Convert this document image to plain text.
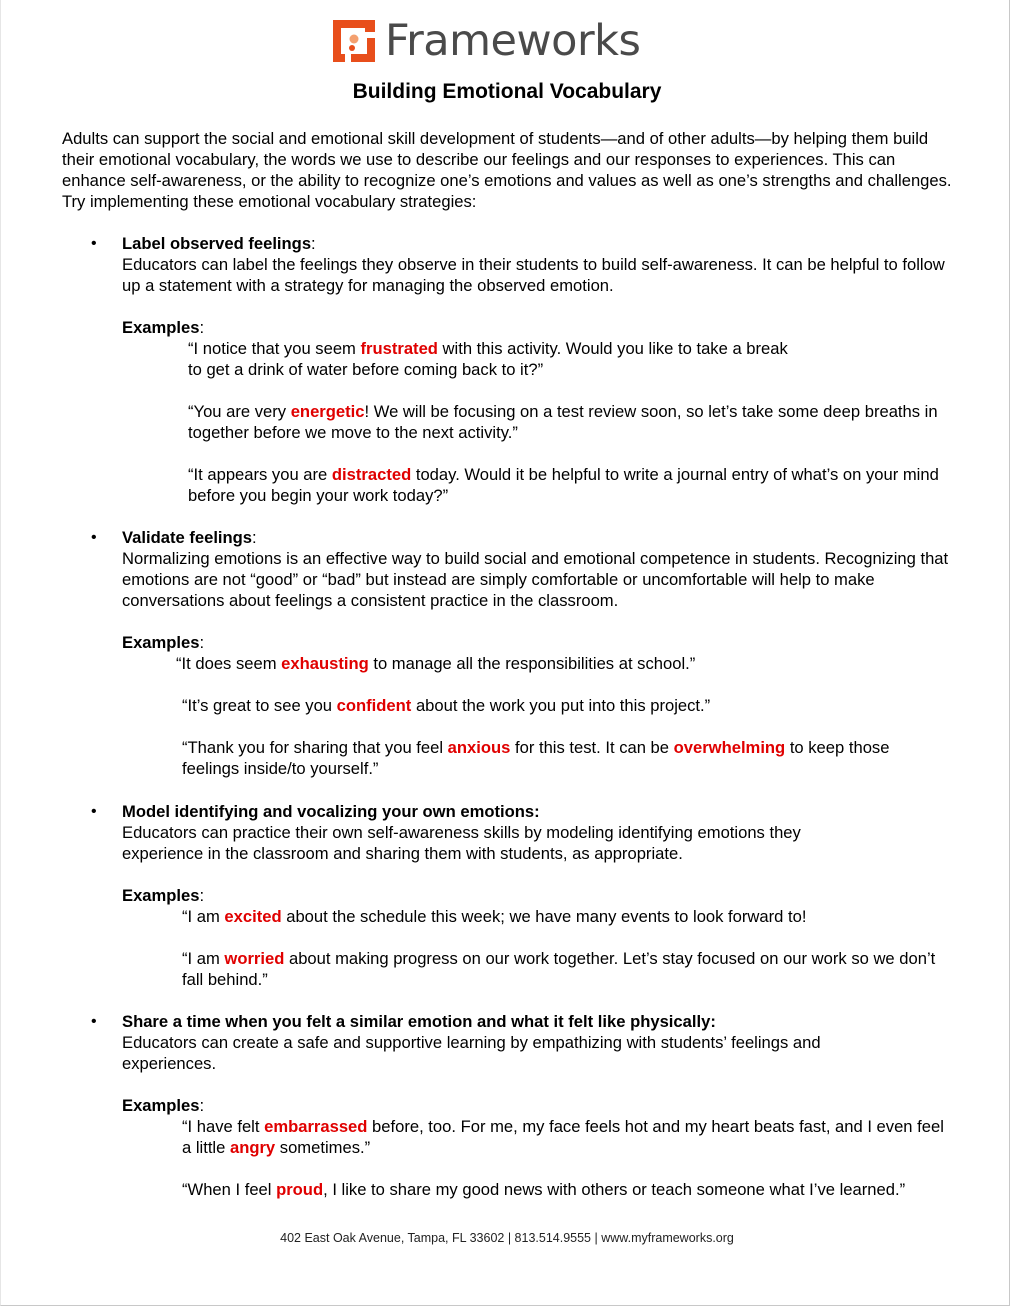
Frameworks
Building Emotional Vocabulary
Adults can support the social and emotional skill development of students—and of other adults—by helping them build their emotional vocabulary, the words we use to describe our feelings and our responses to experiences. This can enhance self-awareness, or the ability to recognize one’s emotions and values as well as one’s strengths and challenges. Try implementing these emotional vocabulary strategies:
•	Label observed feelings:
Educators can label the feelings they observe in their students to build self-awareness. It can be helpful to follow up a statement with a strategy for managing the observed emotion.
Examples:
“I notice that you seem frustrated with this activity. Would you like to take a break to get a drink of water before coming back to it?”
“You are very energetic! We will be focusing on a test review soon, so let’s take some deep breaths in together before we move to the next activity.”
“It appears you are distracted today. Would it be helpful to write a journal entry of what’s on your mind before you begin your work today?”
•	Validate feelings:
Normalizing emotions is an effective way to build social and emotional competence in students. Recognizing that emotions are not “good” or “bad” but instead are simply comfortable or uncomfortable will help to make conversations about feelings a consistent practice in the classroom.
Examples:
“It does seem exhausting to manage all the responsibilities at school.”
“It’s great to see you confident about the work you put into this project.”
“Thank you for sharing that you feel anxious for this test. It can be overwhelming to keep those feelings inside/to yourself.”
•	Model identifying and vocalizing your own emotions:
Educators can practice their own self-awareness skills by modeling identifying emotions they experience in the classroom and sharing them with students, as appropriate.
Examples:
“I am excited about the schedule this week; we have many events to look forward to!
“I am worried about making progress on our work together. Let’s stay focused on our work so we don’t fall behind.”
•	Share a time when you felt a similar emotion and what it felt like physically:
Educators can create a safe and supportive learning by empathizing with students’ feelings and experiences.
Examples:
“I have felt embarrassed before, too. For me, my face feels hot and my heart beats fast, and I even feel a little angry sometimes.”
“When I feel proud, I like to share my good news with others or teach someone what I’ve learned.”
402 East Oak Avenue, Tampa, FL 33602 | 813.514.9555 | www.myframeworks.org
